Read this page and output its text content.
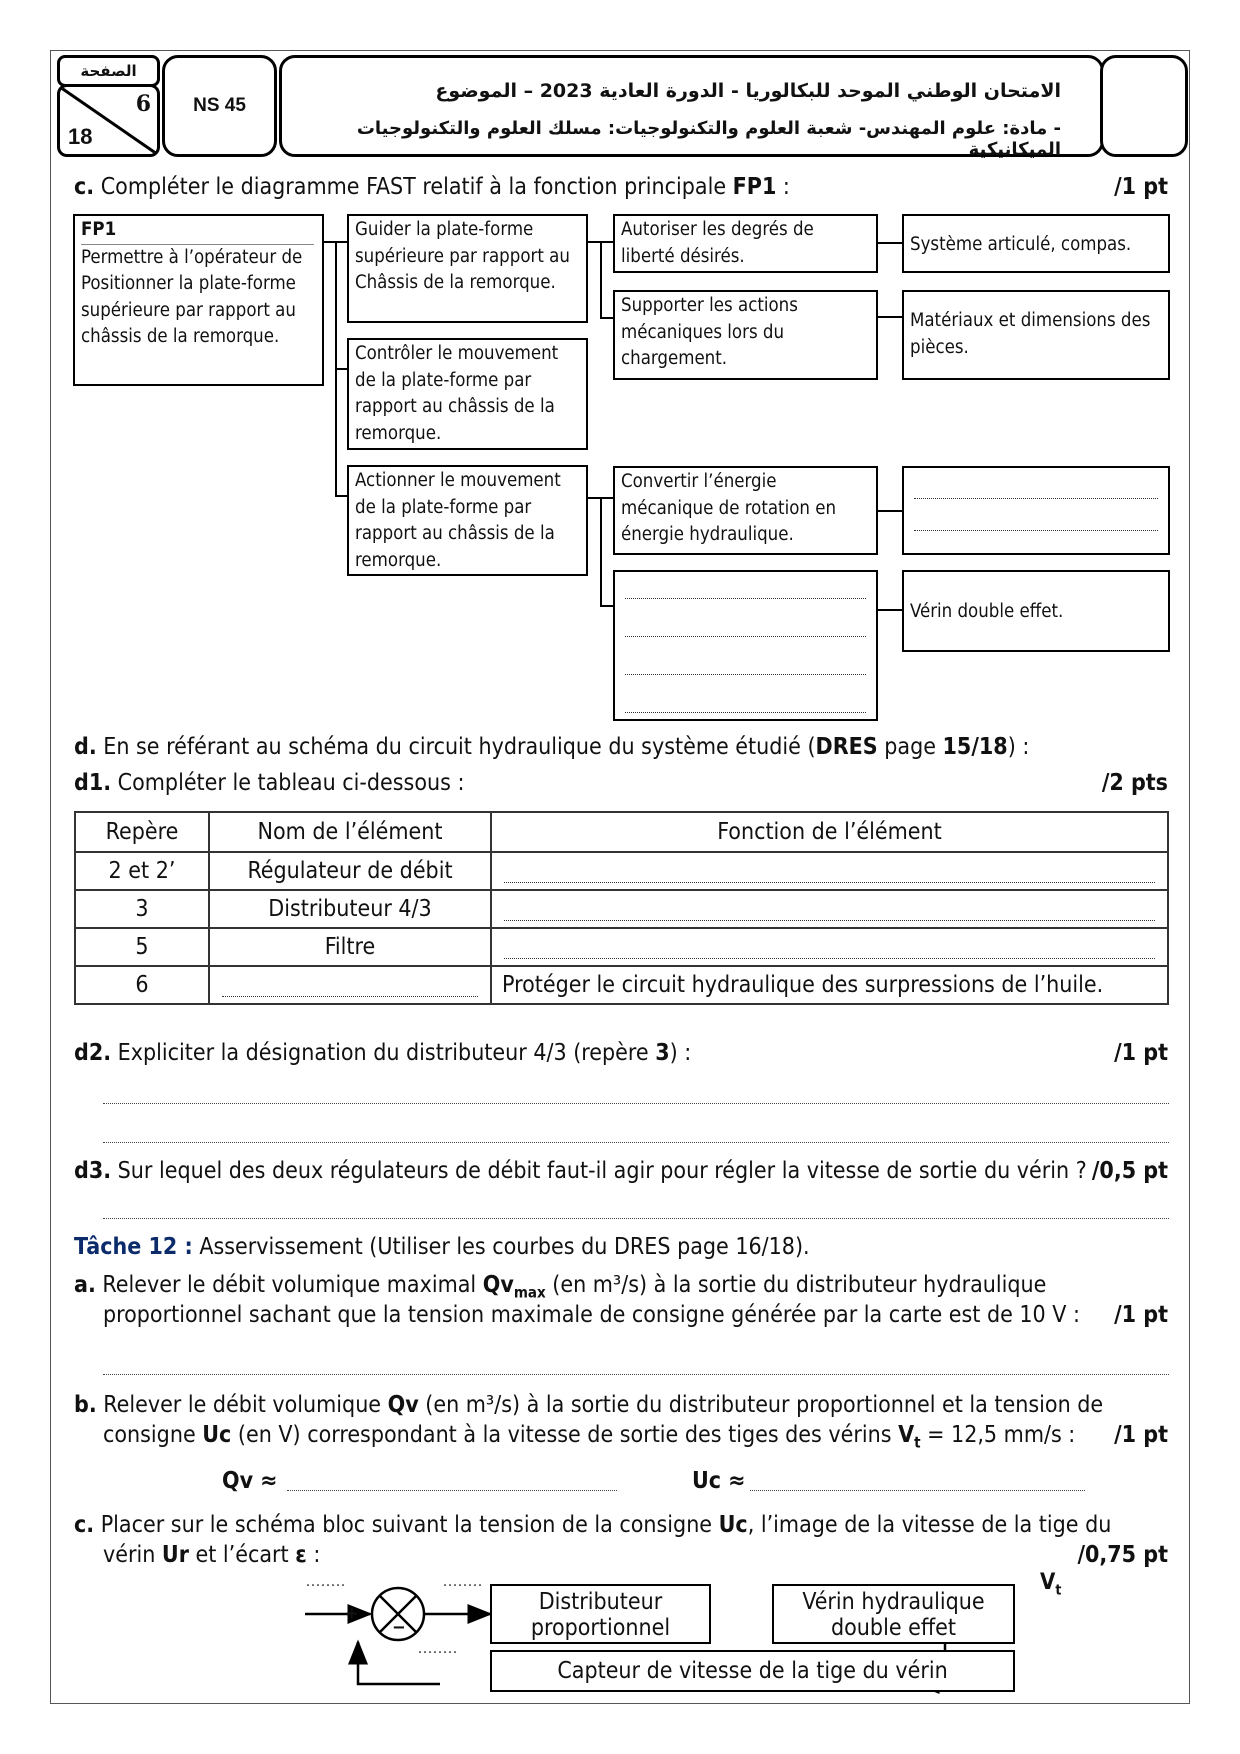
الصفحة
6
18
NS 45
الامتحان الوطني الموحد للبكالوريا - الدورة العادية 2023 – الموضوع
- مادة: علوم المهندس- شعبة العلوم والتكنولوجيات: مسلك العلوم والتكنولوجيات الميكانيكية
c. Compléter le diagramme FAST relatif à la fonction principale FP1 :	/1 pt
FP1
Permettre à l’opérateur de Positionner la plate-forme supérieure par rapport au châssis de la remorque.
Guider la plate-forme supérieure par rapport au Châssis de la remorque.
Contrôler le mouvement de la plate-forme par rapport au châssis de la remorque.
Actionner le mouvement de la plate-forme par rapport au châssis de la remorque.
Autoriser les degrés de liberté désirés.
Supporter les actions mécaniques lors du chargement.
Convertir l’énergie mécanique de rotation en énergie hydraulique.
Système articulé, compas.
Matériaux et dimensions des pièces.
Vérin double effet.
d. En se référant au schéma du circuit hydraulique du système étudié (DRES page 15/18) :
d1. Compléter le tableau ci-dessous :	/2 pts
Repère	Nom de l’élément	Fonction de l’élément
2 et 2’	Régulateur de débit	

3	Distributeur 4/3	

5	Filtre	

6		Protéger le circuit hydraulique des surpressions de l’huile.
d2. Expliciter la désignation du distributeur 4/3 (repère 3) :	/1 pt
d3. Sur lequel des deux régulateurs de débit faut-il agir pour régler la vitesse de sortie du vérin ? /0,5 pt
Tâche 12 : Asservissement (Utiliser les courbes du DRES page 16/18).
a. Relever le débit volumique maximal $Qv_{max}$ (en m³/s) à la sortie du distributeur hydraulique
proportionnel sachant que la tension maximale de consigne générée par la carte est de 10 V : /1 pt
b. Relever le débit volumique Qv (en m³/s) à la sortie du distributeur proportionnel et la tension de
consigne Uc (en V) correspondant à la vitesse de sortie des tiges des vérins $V_t = 12,5$ mm/s : /1 pt
Qv ≈	Uc ≈
c. Placer sur le schéma bloc suivant la tension de la consigne Uc, l’image de la vitesse de la tige du
vérin Ur et l’écart ε :	/0,75 pt
+
−
........	........
........
Distributeur proportionnel
Vérin hydraulique double effet
Capteur de vitesse de la tige du vérin
$V_t$
